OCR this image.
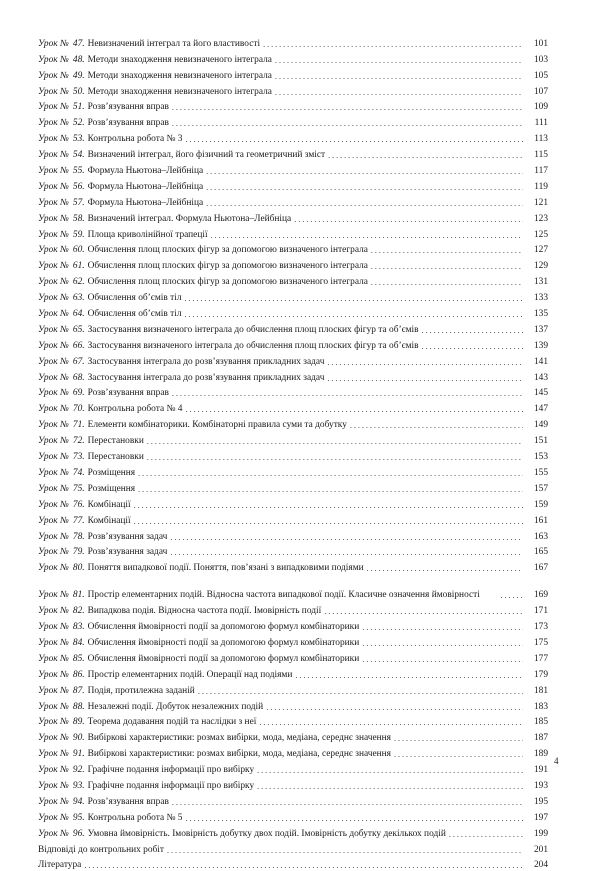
Урок № 47. Невизначений інтеграл та його властивості . . .	101
Урок № 48. Методи знаходження невизначеного інтеграла . . .	103
Урок № 49. Методи знаходження невизначеного інтеграла . . .	105
Урок № 50. Методи знаходження невизначеного інтеграла . . .	107
Урок № 51. Розв’язування вправ . . .	109
Урок № 52. Розв’язування вправ . . .	111
Урок № 53. Контрольна робота № 3 . . .	113
Урок № 54. Визначений інтеграл, його фізичний та геометричний зміст . . .	115
Урок № 55. Формула Ньютона–Лейбніца . . .	117
Урок № 56. Формула Ньютона–Лейбніца . . .	119
Урок № 57. Формула Ньютона–Лейбніца . . .	121
Урок № 58. Визначений інтеграл. Формула Ньютона–Лейбніца . . .	123
Урок № 59. Площа криволінійної трапеції . . .	125
Урок № 60. Обчислення площ плоских фігур за допомогою визначеного інтеграла . . .	127
Урок № 61. Обчислення площ плоских фігур за допомогою визначеного інтеграла . . .	129
Урок № 62. Обчислення площ плоских фігур за допомогою визначеного інтеграла . . .	131
Урок № 63. Обчислення об’ємів тіл . . .	133
Урок № 64. Обчислення об’ємів тіл . . .	135
Урок № 65. Застосування визначеного інтеграла до обчислення площ плоских фігур та об’ємів . . .	137
Урок № 66. Застосування визначеного інтеграла до обчислення площ плоских фігур та об’ємів . . .	139
Урок № 67. Застосування інтеграла до розв’язування прикладних задач . . .	141
Урок № 68. Застосування інтеграла до розв’язування прикладних задач . . .	143
Урок № 69. Розв’язування вправ . . .	145
Урок № 70. Контрольна робота № 4 . . .	147
Урок № 71. Елементи комбінаторики. Комбінаторні правила суми та добутку . . .	149
Урок № 72. Перестановки . . .	151
Урок № 73. Перестановки . . .	153
Урок № 74. Розміщення . . .	155
Урок № 75. Розміщення . . .	157
Урок № 76. Комбінації . . .	159
Урок № 77. Комбінації . . .	161
Урок № 78. Розв’язування задач . . .	163
Урок № 79. Розв’язування задач . . .	165
Урок № 80. Поняття випадкової події. Поняття, пов’язані з випадковими подіями . . .	167
Урок № 81. Простір елементарних подій. Відносна частота випадкової події. Класичне означення ймовірності . . .	169
Урок № 82. Випадкова подія. Відносна частота події. Імовірність події . . .	171
Урок № 83. Обчислення ймовірності події за допомогою формул комбінаторики . . .	173
Урок № 84. Обчислення ймовірності події за допомогою формул комбінаторики . . .	175
Урок № 85. Обчислення ймовірності події за допомогою формул комбінаторики . . .	177
Урок № 86. Простір елементарних подій. Операції над подіями . . .	179
Урок № 87. Подія, протилежна заданій . . .	181
Урок № 88. Незалежні події. Добуток незалежних подій . . .	183
Урок № 89. Теорема додавання подій та наслідки з неї . . .	185
Урок № 90. Вибіркові характеристики: розмах вибірки, мода, медіана, середнє значення . . .	187
Урок № 91. Вибіркові характеристики: розмах вибірки, мода, медіана, середнє значення . . .	189
Урок № 92. Графічне подання інформації про вибірку . . .	191
Урок № 93. Графічне подання інформації про вибірку . . .	193
Урок № 94. Розв’язування вправ . . .	195
Урок № 95. Контрольна робота № 5 . . .	197
Урок № 96. Умовна ймовірність. Імовірність добутку двох подій. Імовірність добутку декількох подій . . .	199
Відповіді до контрольних робіт . . .	201
Література . . .	204
4
